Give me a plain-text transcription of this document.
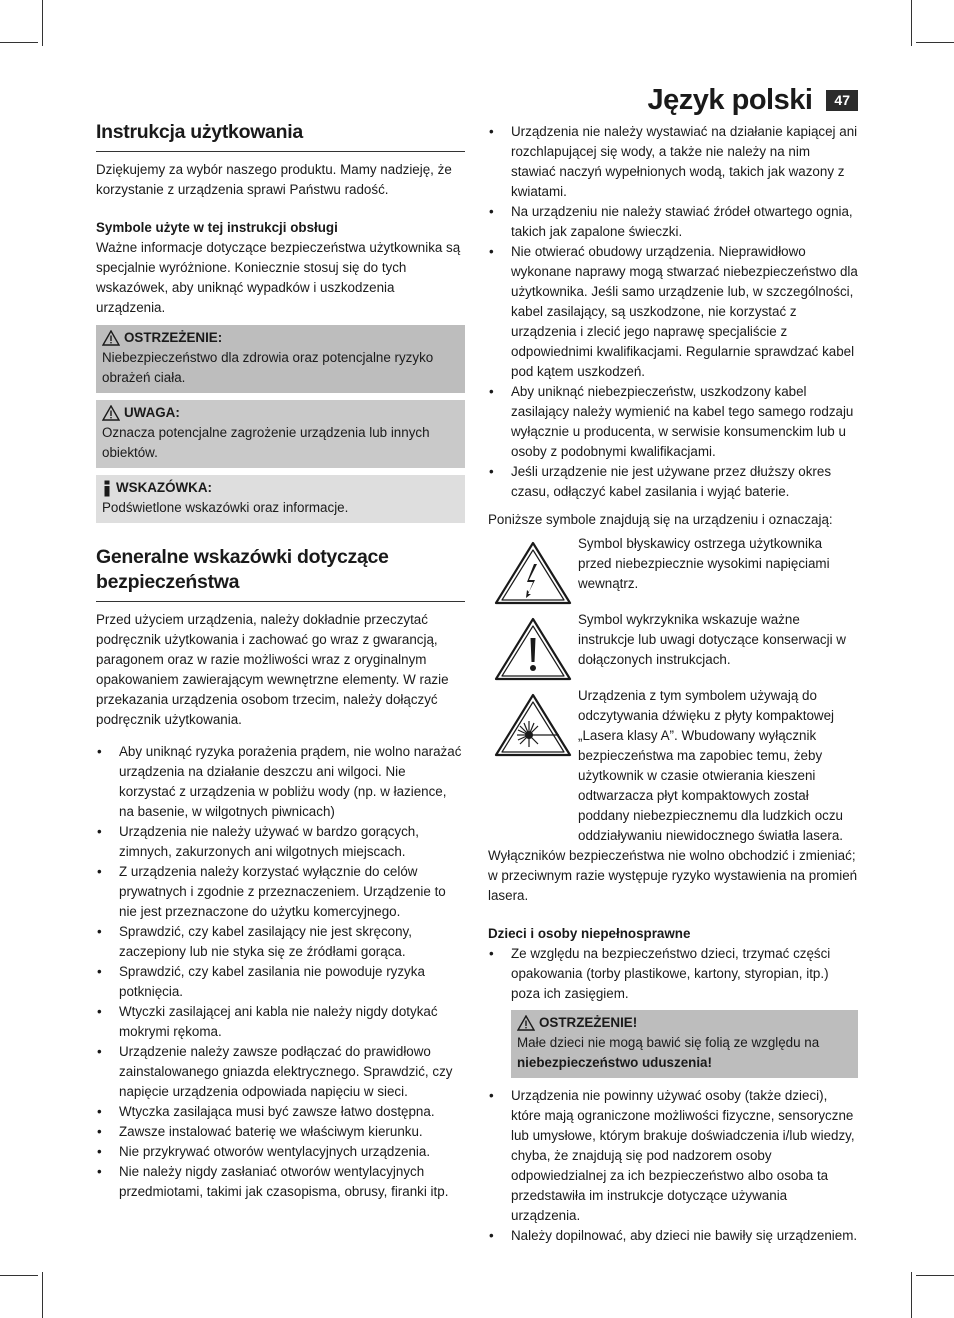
Język polski	47
Instrukcja użytkowania

Dziękujemy za wybór naszego produktu. Mamy nadzieję, że korzystanie z urządzenia sprawi Państwu radość.

Symbole użyte w tej instrukcji obsługi

Ważne informacje dotyczące bezpieczeństwa użytkownika są specjalnie wyróżnione. Koniecznie stosuj się do tych wskazówek, aby uniknąć wypadków i uszkodzenia urządzenia.

OSTRZEŻENIE:

Niebezpieczeństwo dla zdrowia oraz potencjalne ryzyko obrażeń ciała.

UWAGA:

Oznacza potencjalne zagrożenie urządzenia lub innych obiektów.

WSKAZÓWKA:

Podświetlone wskazówki oraz informacje.

Generalne wskazówki dotyczące bezpieczeństwa

Przed użyciem urządzenia, należy dokładnie przeczytać podręcznik użytkowania i zachować go wraz z gwarancją, paragonem oraz w razie możliwości wraz z oryginalnym opakowaniem zawierającym wewnętrzne elementy. W razie przekazania urządzenia osobom trzecim, należy dołączyć podręcznik użytkowania.

• Aby uniknąć ryzyka porażenia prądem, nie wolno narażać urządzenia na działanie deszczu ani wilgoci. Nie korzystać z urządzenia w pobliżu wody (np. w łazience, na basenie, w wilgotnych piwnicach)
• Urządzenia nie należy używać w bardzo gorących, zimnych, zakurzonych ani wilgotnych miejscach.
• Z urządzenia należy korzystać wyłącznie do celów prywatnych i zgodnie z przeznaczeniem. Urządzenie to nie jest przeznaczone do użytku komercyjnego.
• Sprawdzić, czy kabel zasilający nie jest skręcony, zaczepiony lub nie styka się ze źródłami gorąca.
• Sprawdzić, czy kabel zasilania nie powoduje ryzyka potknięcia.
• Wtyczki zasilającej ani kabla nie należy nigdy dotykać mokrymi rękoma.
• Urządzenie należy zawsze podłączać do prawidłowo zainstalowanego gniazda elektrycznego. Sprawdzić, czy napięcie urządzenia odpowiada napięciu w sieci.
• Wtyczka zasilająca musi być zawsze łatwo dostępna.
• Zawsze instalować baterię we właściwym kierunku.
• Nie przykrywać otworów wentylacyjnych urządzenia.
• Nie należy nigdy zasłaniać otworów wentylacyjnych przedmiotami, takimi jak czasopisma, obrusy, firanki itp.
• Urządzenia nie należy wystawiać na działanie kapiącej ani rozchlapującej się wody, a także nie należy na nim stawiać naczyń wypełnionych wodą, takich jak wazony z kwiatami.
• Na urządzeniu nie należy stawiać źródeł otwartego ognia, takich jak zapalone świeczki.
• Nie otwierać obudowy urządzenia. Nieprawidłowo wykonane naprawy mogą stwarzać niebezpieczeństwo dla użytkownika. Jeśli samo urządzenie lub, w szczególności, kabel zasilający, są uszkodzone, nie korzystać z urządzenia i zlecić jego naprawę specjaliście z odpowiednimi kwalifikacjami. Regularnie sprawdzać kabel pod kątem uszkodzeń.
• Aby uniknąć niebezpieczeństw, uszkodzony kabel zasilający należy wymienić na kabel tego samego rodzaju wyłącznie u producenta, w serwisie konsumenckim lub u osoby z podobnymi kwalifikacjami.
• Jeśli urządzenie nie jest używane przez dłuższy okres czasu, odłączyć kabel zasilania i wyjąć baterie.

Poniższe symbole znajdują się na urządzeniu i oznaczają:

Symbol błyskawicy ostrzega użytkownika przed niebezpiecznie wysokimi napięciami wewnątrz.

Symbol wykrzyknika wskazuje ważne instrukcje lub uwagi dotyczące konserwacji w dołączonych instrukcjach.

Urządzenia z tym symbolem używają do odczytywania dźwięku z płyty kompaktowej „Lasera klasy A”. Wbudowany wyłącznik bezpieczeństwa ma zapobiec temu, żeby użytkownik w czasie otwierania kieszeni odtwarzacza płyt kompaktowych został poddany niebezpiecznemu dla ludzkich oczu oddziaływaniu niewidocznego światła lasera.

Wyłączników bezpieczeństwa nie wolno obchodzić i zmieniać; w przeciwnym razie występuje ryzyko wystawienia na promień lasera.

Dzieci i osoby niepełnosprawne
• Ze względu na bezpieczeństwo dzieci, trzymać części opakowania (torby plastikowe, kartony, styropian, itp.) poza ich zasięgiem.
OSTRZEŻENIE!

Małe dzieci nie mogą bawić się folią ze względu na
niebezpieczeństwo uduszenia!

• Urządzenia nie powinny używać osoby (także dzieci), które mają ograniczone możliwości fizyczne, sensoryczne lub umysłowe, którym brakuje doświadczenia i/lub wiedzy, chyba, że znajdują się pod nadzorem osoby odpowiedzialnej za ich bezpieczeństwo albo osoba ta przedstawiła im instrukcje dotyczące używania urządzenia.
• Należy dopilnować, aby dzieci nie bawiły się urządzeniem.
